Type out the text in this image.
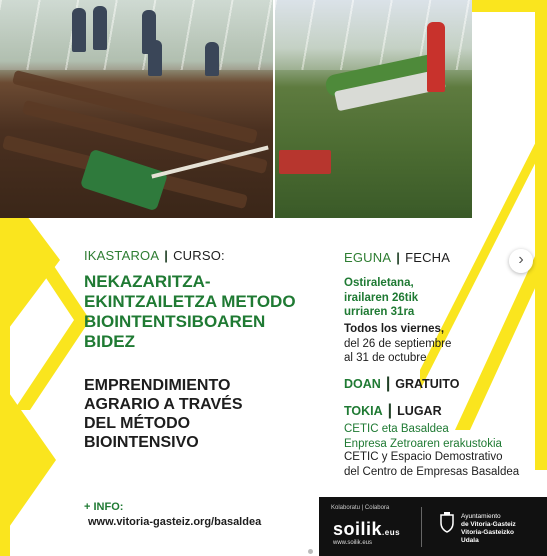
IKASTAROA | CURSO:
NEKAZARITZA-
EKINTZAILETZA METODO
BIOINTENTSIBOAREN
BIDEZ
EMPRENDIMIENTO
AGRARIO A TRAVÉS
DEL MÉTODO
BIOINTENSIVO
+ INFO:
www.vitoria-gasteiz.org/basaldea
EGUNA | FECHA
Ostiraletana,
irailaren 26tik
urriaren 31ra
Todos los viernes,
del 26 de septiembre
al 31 de octubre
DOAN | GRATUITO
TOKIA | LUGAR
CETIC eta Basaldea
Enpresa Zetroaren erakustokia
CETIC y Espacio Demostrativo
del Centro de Empresas Basaldea
Kolaboratu | Colabora
soilik.eus
www.soilik.eus
Ayuntamiento
de Vitoria-Gasteiz
Vitoria-Gasteizko
Udala
›
